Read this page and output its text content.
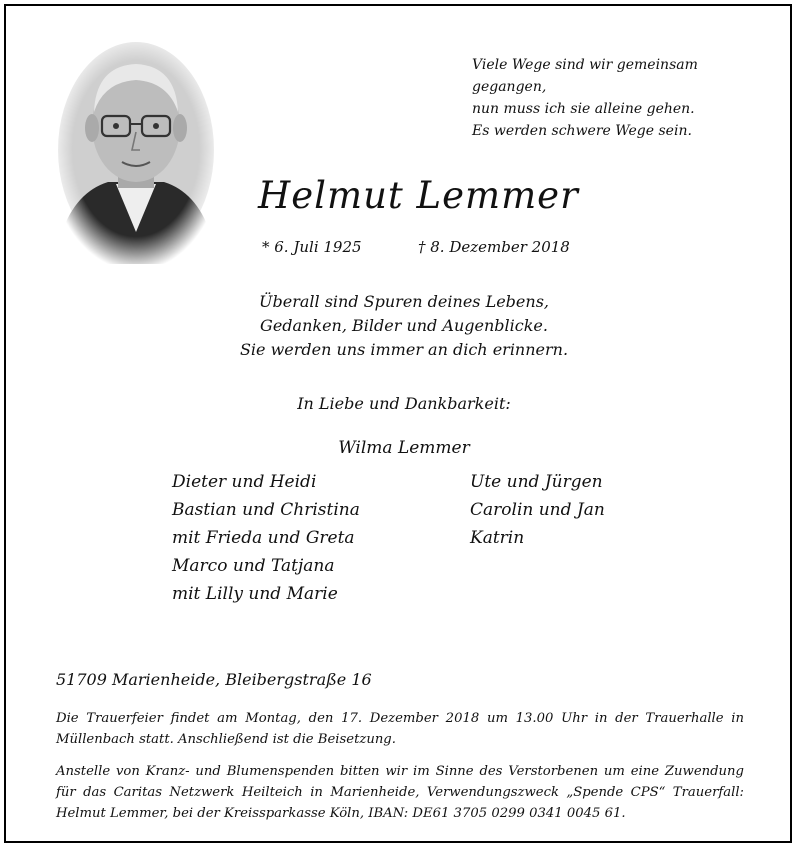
Viele Wege sind wir gemeinsam gegangen,
nun muss ich sie alleine gehen.
Es werden schwere Wege sein.
Helmut Lemmer
* 6. Juli 1925	† 8. Dezember 2018
Überall sind Spuren deines Lebens,
Gedanken, Bilder und Augenblicke.
Sie werden uns immer an dich erinnern.
In Liebe und Dankbarkeit:
Wilma Lemmer
Dieter und Heidi
Bastian und Christina
mit Frieda und Greta
Marco und Tatjana
mit Lilly und Marie
Ute und Jürgen
Carolin und Jan
Katrin
51709 Marienheide, Bleibergstraße 16
Die Trauerfeier findet am Montag, den 17. Dezember 2018 um 13.00 Uhr in der Trauerhalle in Müllenbach statt. Anschließend ist die Beisetzung.
Anstelle von Kranz- und Blumenspenden bitten wir im Sinne des Verstorbenen um eine Zuwendung für das Caritas Netzwerk Heilteich in Marienheide, Verwendungszweck „Spende CPS“ Trauerfall: Helmut Lemmer, bei der Kreissparkasse Köln, IBAN: DE61 3705 0299 0341 0045 61.
